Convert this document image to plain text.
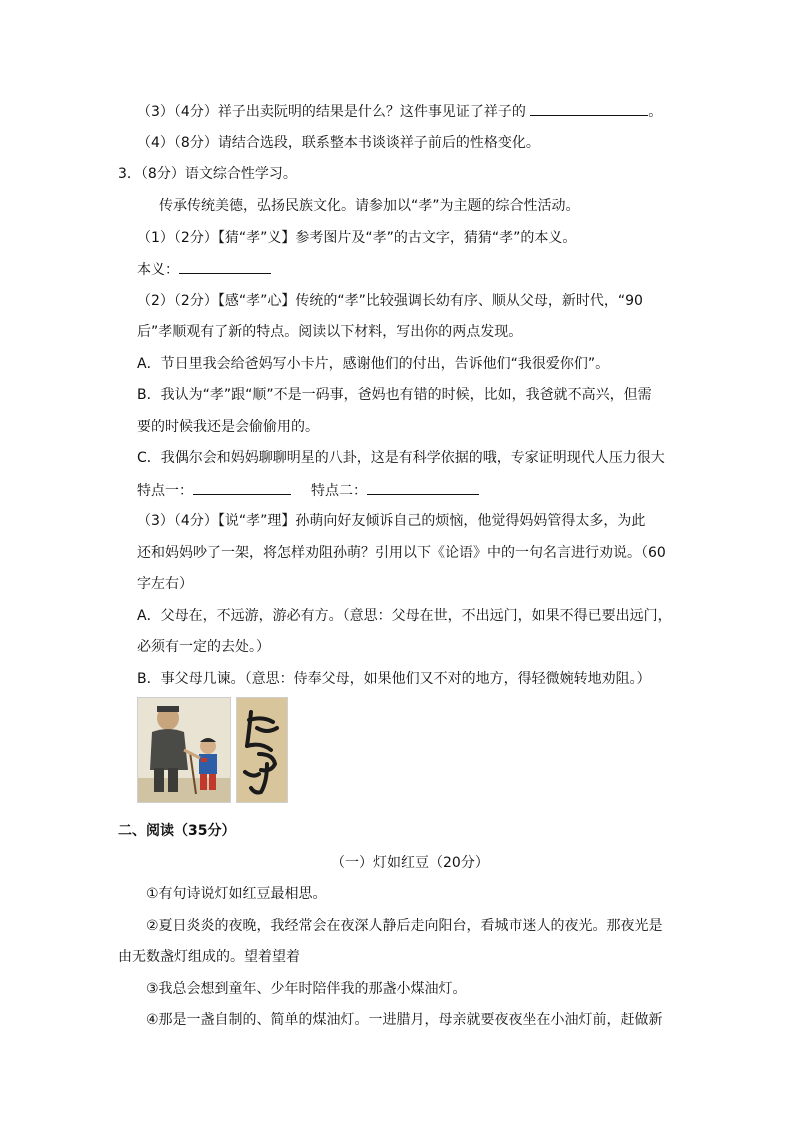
（3）（4分）祥子出卖阮明的结果是什么？这件事见证了祥子的	。
（4）（8分）请结合选段，联系整本书谈谈祥子前后的性格变化。
3．（8分）语文综合性学习。
传承传统美德，弘扬民族文化。请参加以“孝”为主题的综合性活动。
（1）（2分）【猜“孝”义】参考图片及“孝”的古文字，猜猜“孝”的本义。
本义：
（2）（2分）【感“孝”心】传统的“孝”比较强调长幼有序、顺从父母，新时代，“90
后”孝顺观有了新的特点。阅读以下材料，写出你的两点发现。
A．节日里我会给爸妈写小卡片，感谢他们的付出，告诉他们“我很爱你们”。
B．我认为“孝”跟“顺”不是一码事，爸妈也有错的时候，比如，我爸就不高兴，但需
要的时候我还是会偷偷用的。
C．我偶尔会和妈妈聊聊明星的八卦，这是有科学依据的哦，专家证明现代人压力很大
特点一：	特点二：
（3）（4分）【说“孝”理】孙萌向好友倾诉自己的烦恼，他觉得妈妈管得太多，为此
还和妈妈吵了一架，将怎样劝阻孙萌？引用以下《论语》中的一句名言进行劝说。（60
字左右）
A．父母在，不远游，游必有方。（意思：父母在世，不出远门，如果不得已要出远门，
必须有一定的去处。）
B．事父母几谏。（意思：侍奉父母，如果他们又不对的地方，得轻微婉转地劝阻。）
二、阅读（35分）
（一）灯如红豆（20分）
①有句诗说灯如红豆最相思。
②夏日炎炎的夜晚，我经常会在夜深人静后走向阳台，看城市迷人的夜光。那夜光是
由无数盏灯组成的。望着望着
③我总会想到童年、少年时陪伴我的那盏小煤油灯。
④那是一盏自制的、简单的煤油灯。一进腊月，母亲就要夜夜坐在小油灯前，赶做新
